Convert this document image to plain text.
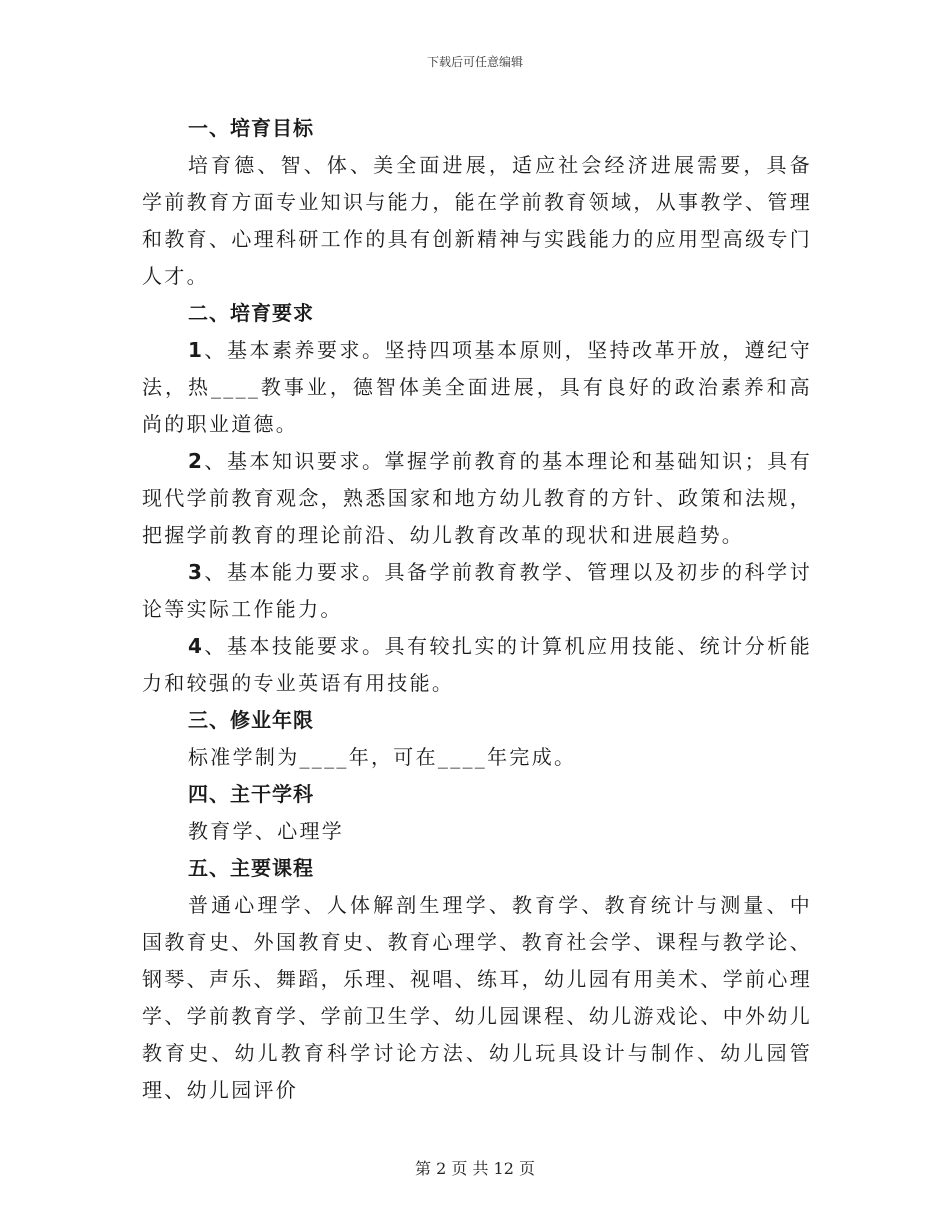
下载后可任意编辑
一、培育目标

培育德、智、体、美全面进展，适应社会经济进展需要，具备学前教育方面专业知识与能力，能在学前教育领域，从事教学、管理和教育、心理科研工作的具有创新精神与实践能力的应用型高级专门人才。

二、培育要求

1、基本素养要求。坚持四项基本原则，坚持改革开放，遵纪守法，热____教事业，德智体美全面进展，具有良好的政治素养和高尚的职业道德。

2、基本知识要求。掌握学前教育的基本理论和基础知识；具有现代学前教育观念，熟悉国家和地方幼儿教育的方针、政策和法规，把握学前教育的理论前沿、幼儿教育改革的现状和进展趋势。

3、基本能力要求。具备学前教育教学、管理以及初步的科学讨论等实际工作能力。

4、基本技能要求。具有较扎实的计算机应用技能、统计分析能力和较强的专业英语有用技能。

三、修业年限

标准学制为____年，可在____年完成。

四、主干学科

教育学、心理学

五、主要课程

普通心理学、人体解剖生理学、教育学、教育统计与测量、中国教育史、外国教育史、教育心理学、教育社会学、课程与教学论、钢琴、声乐、舞蹈，乐理、视唱、练耳，幼儿园有用美术、学前心理学、学前教育学、学前卫生学、幼儿园课程、幼儿游戏论、中外幼儿教育史、幼儿教育科学讨论方法、幼儿玩具设计与制作、幼儿园管理、幼儿园评价

第 2 页 共 12 页
